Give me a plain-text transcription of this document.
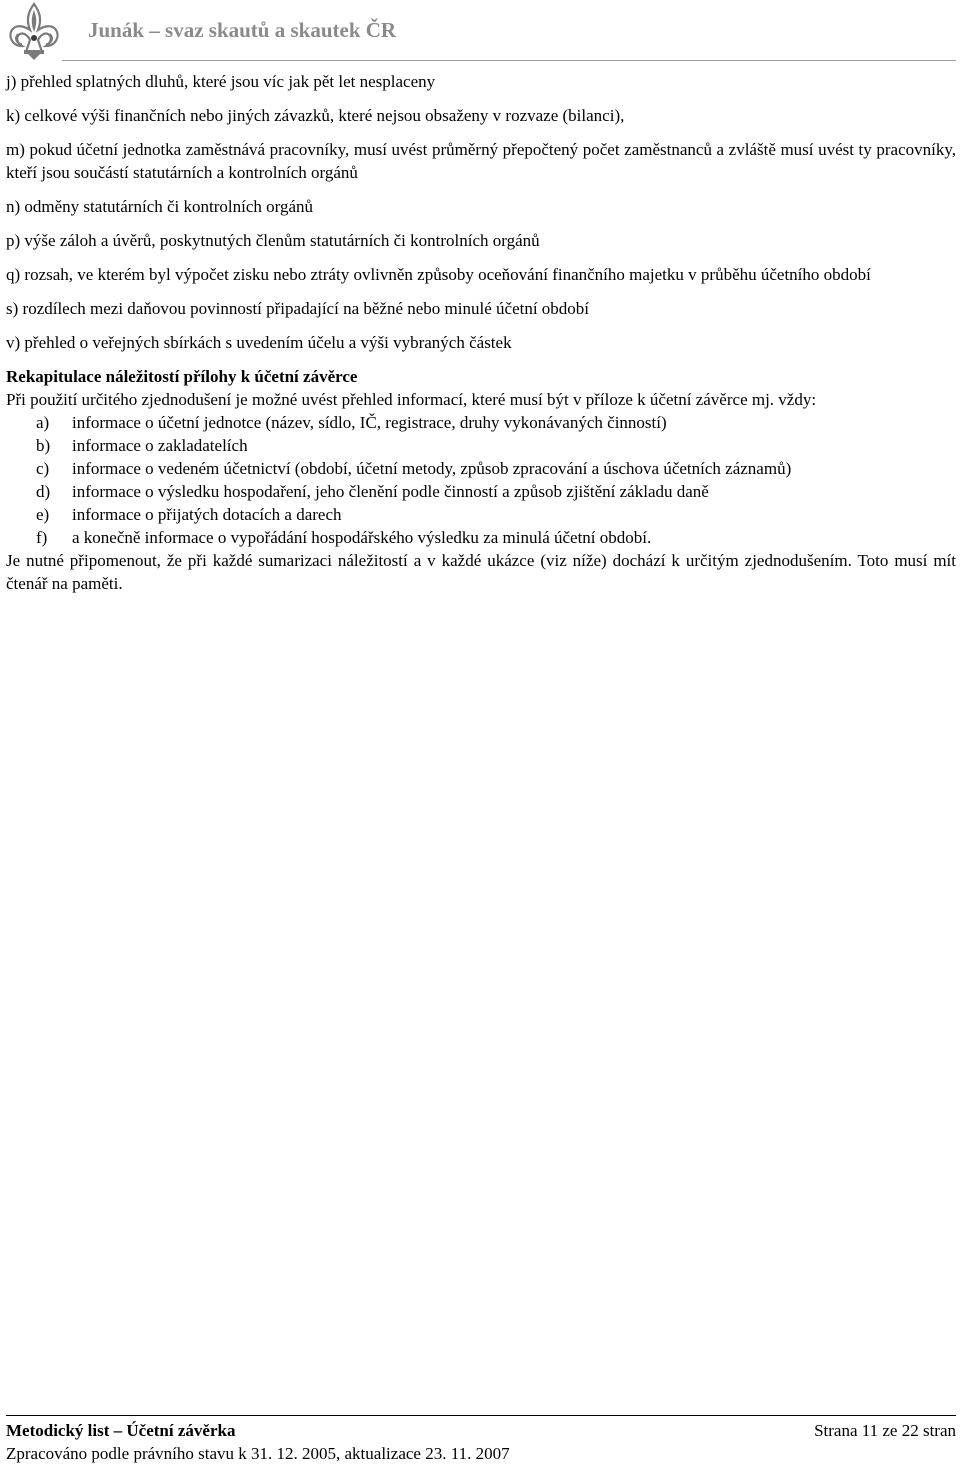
Junák – svaz skautů a skautek ČR

j) přehled splatných dluhů, které jsou víc jak pět let nesplaceny

k) celkové výši finančních nebo jiných závazků, které nejsou obsaženy v rozvaze (bilanci),

m) pokud účetní jednotka zaměstnává pracovníky, musí uvést průměrný přepočtený počet zaměstnanců a zvláště musí uvést ty pracovníky, kteří jsou součástí statutárních a kontrolních orgánů

n) odměny statutárních či kontrolních orgánů

p) výše záloh a úvěrů, poskytnutých členům statutárních či kontrolních orgánů

q) rozsah, ve kterém byl výpočet zisku nebo ztráty ovlivněn způsoby oceňování finančního majetku v průběhu účetního období

s) rozdílech mezi daňovou povinností připadající na běžné nebo minulé účetní období

v) přehled o veřejných sbírkách s uvedením účelu a výši vybraných částek

Rekapitulace náležitostí přílohy k účetní závěrce

Při použití určitého zjednodušení je možné uvést přehled informací, které musí být v příloze k účetní závěrce mj. vždy:

a)	informace o účetní jednotce (název, sídlo, IČ, registrace, druhy vykonávaných činností)
b)	informace o zakladatelích
c)	informace o vedeném účetnictví (období, účetní metody, způsob zpracování a úschova účetních záznamů)
d)	informace o výsledku hospodaření, jeho členění podle činností a způsob zjištění základu daně
e)	informace o přijatých dotacích a darech
f)	a konečně informace o vypořádání hospodářského výsledku za minulá účetní období.

Je nutné připomenout, že při každé sumarizaci náležitostí a v každé ukázce (viz níže) dochází k určitým zjednodušením. Toto musí mít čtenář na paměti.

Metodický list – Účetní závěrka	Strana 11 ze 22 stran
Zpracováno podle právního stavu k 31. 12. 2005, aktualizace 23. 11. 2007
